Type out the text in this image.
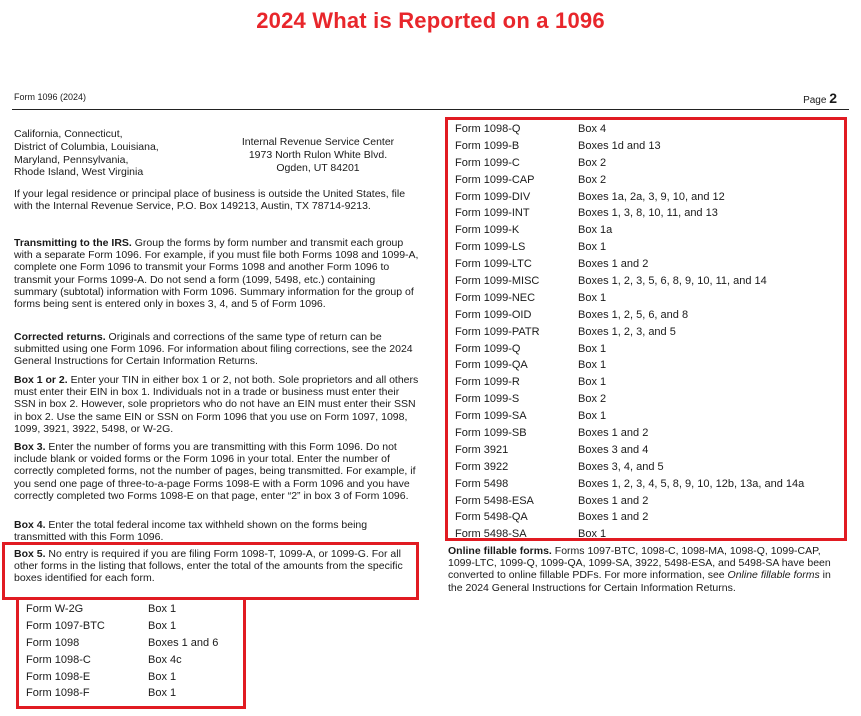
2024 What is Reported on a 1096
Form 1096 (2024)	Page 2
California, Connecticut,
District of Columbia, Louisiana,
Maryland, Pennsylvania,
Rhode Island, West Virginia
Internal Revenue Service Center
1973 North Rulon White Blvd.
Ogden, UT 84201
If your legal residence or principal place of business is outside the United States, file with the Internal Revenue Service, P.O. Box 149213, Austin, TX 78714-9213.
Transmitting to the IRS. Group the forms by form number and transmit each group with a separate Form 1096. For example, if you must file both Forms 1098 and 1099-A, complete one Form 1096 to transmit your Forms 1098 and another Form 1096 to transmit your Forms 1099-A. Do not send a form (1099, 5498, etc.) containing summary (subtotal) information with Form 1096. Summary information for the group of forms being sent is entered only in boxes 3, 4, and 5 of Form 1096.
Corrected returns. Originals and corrections of the same type of return can be submitted using one Form 1096. For information about filing corrections, see the 2024 General Instructions for Certain Information Returns.
Box 1 or 2. Enter your TIN in either box 1 or 2, not both. Sole proprietors and all others must enter their EIN in box 1. Individuals not in a trade or business must enter their SSN in box 2. However, sole proprietors who do not have an EIN must enter their SSN in box 2. Use the same EIN or SSN on Form 1096 that you use on Form 1097, 1098, 1099, 3921, 3922, 5498, or W-2G.
Box 3. Enter the number of forms you are transmitting with this Form 1096. Do not include blank or voided forms or the Form 1096 in your total. Enter the number of correctly completed forms, not the number of pages, being transmitted. For example, if you send one page of three-to-a-page Forms 1098-E with a Form 1096 and you have correctly completed two Forms 1098-E on that page, enter “2” in box 3 of Form 1096.
Box 4. Enter the total federal income tax withheld shown on the forms being transmitted with this Form 1096.
Box 5. No entry is required if you are filing Form 1098-T, 1099-A, or 1099-G. For all other forms in the listing that follows, enter the total of the amounts from the specific boxes identified for each form.
Form W-2G	Box 1
Form 1097-BTC	Box 1
Form 1098	Boxes 1 and 6
Form 1098-C	Box 4c
Form 1098-E	Box 1
Form 1098-F	Box 1
Form 1098-Q	Box 4
Form 1099-B	Boxes 1d and 13
Form 1099-C	Box 2
Form 1099-CAP	Box 2
Form 1099-DIV	Boxes 1a, 2a, 3, 9, 10, and 12
Form 1099-INT	Boxes 1, 3, 8, 10, 11, and 13
Form 1099-K	Box 1a
Form 1099-LS	Box 1
Form 1099-LTC	Boxes 1 and 2
Form 1099-MISC	Boxes 1, 2, 3, 5, 6, 8, 9, 10, 11, and 14
Form 1099-NEC	Box 1
Form 1099-OID	Boxes 1, 2, 5, 6, and 8
Form 1099-PATR	Boxes 1, 2, 3, and 5
Form 1099-Q	Box 1
Form 1099-QA	Box 1
Form 1099-R	Box 1
Form 1099-S	Box 2
Form 1099-SA	Box 1
Form 1099-SB	Boxes 1 and 2
Form 3921	Boxes 3 and 4
Form 3922	Boxes 3, 4, and 5
Form 5498	Boxes 1, 2, 3, 4, 5, 8, 9, 10, 12b, 13a, and 14a
Form 5498-ESA	Boxes 1 and 2
Form 5498-QA	Boxes 1 and 2
Form 5498-SA	Box 1
Online fillable forms. Forms 1097-BTC, 1098-C, 1098-MA, 1098-Q, 1099-CAP, 1099-LTC, 1099-Q, 1099-QA, 1099-SA, 3922, 5498-ESA, and 5498-SA have been converted to online fillable PDFs. For more information, see Online fillable forms in the 2024 General Instructions for Certain Information Returns.
